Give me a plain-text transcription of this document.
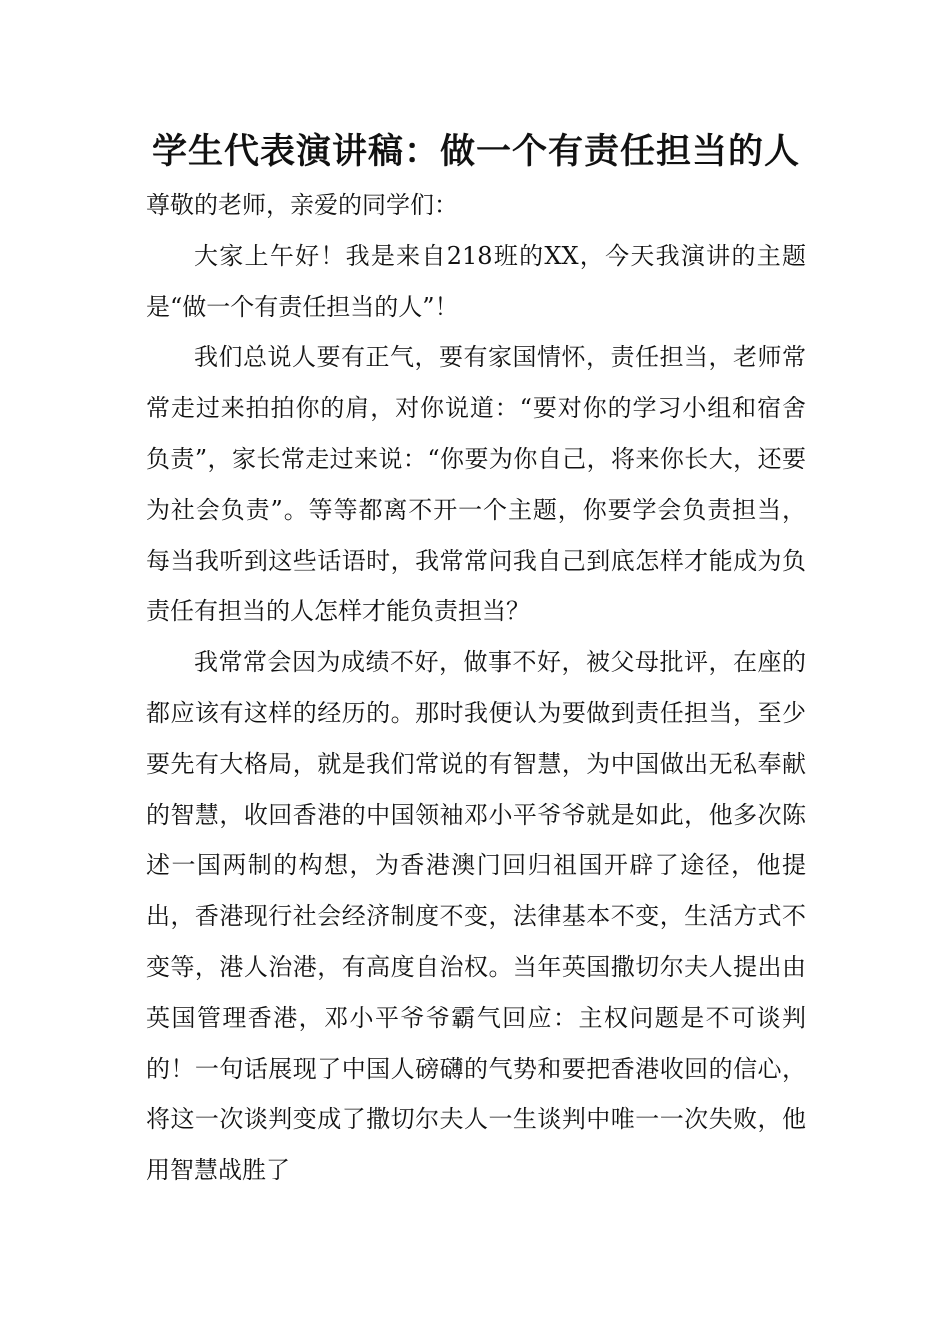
学生代表演讲稿：做一个有责任担当的人

尊敬的老师，亲爱的同学们：

大家上午好！我是来自218班的XX，今天我演讲的主题是“做一个有责任担当的人”！

我们总说人要有正气，要有家国情怀，责任担当，老师常常走过来拍拍你的肩，对你说道：“要对你的学习小组和宿舍负责”，家长常走过来说：“你要为你自己，将来你长大，还要为社会负责”。等等都离不开一个主题，你要学会负责担当，每当我听到这些话语时，我常常问我自己到底怎样才能成为负责任有担当的人怎样才能负责担当？

我常常会因为成绩不好，做事不好，被父母批评，在座的都应该有这样的经历的。那时我便认为要做到责任担当，至少要先有大格局，就是我们常说的有智慧，为中国做出无私奉献的智慧，收回香港的中国领袖邓小平爷爷就是如此，他多次陈述一国两制的构想，为香港澳门回归祖国开辟了途径，他提出，香港现行社会经济制度不变，法律基本不变，生活方式不变等，港人治港，有高度自治权。当年英国撒切尔夫人提出由英国管理香港，邓小平爷爷霸气回应：主权问题是不可谈判的！一句话展现了中国人磅礴的气势和要把香港收回的信心，将这一次谈判变成了撒切尔夫人一生谈判中唯一一次失败，他用智慧战胜了
